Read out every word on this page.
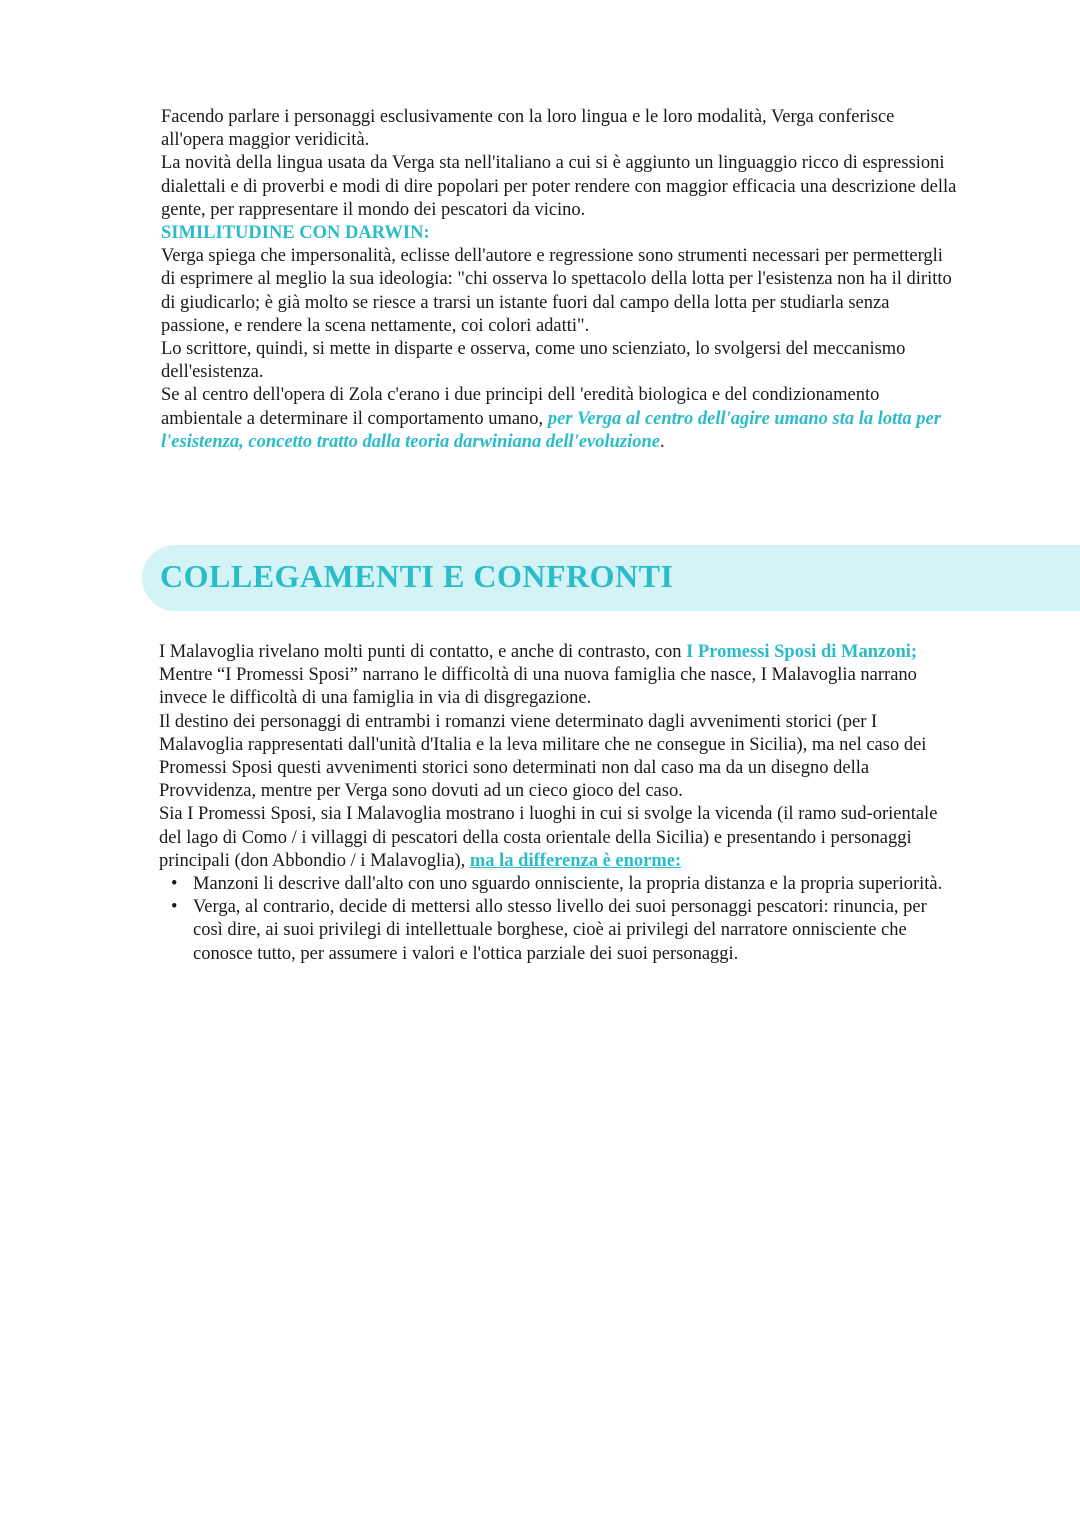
Facendo parlare i personaggi esclusivamente con la loro lingua e le loro modalità, Verga conferisce all'opera maggior veridicità.

La novità della lingua usata da Verga sta nell'italiano a cui si è aggiunto un linguaggio ricco di espressioni dialettali e di proverbi e modi di dire popolari per poter rendere con maggior efficacia una descrizione della gente, per rappresentare il mondo dei pescatori da vicino.

SIMILITUDINE CON DARWIN:

Verga spiega che impersonalità, eclisse dell'autore e regressione sono strumenti necessari per permettergli di esprimere al meglio la sua ideologia: "chi osserva lo spettacolo della lotta per l'esistenza non ha il diritto di giudicarlo; è già molto se riesce a trarsi un istante fuori dal campo della lotta per studiarla senza passione, e rendere la scena nettamente, coi colori adatti".

Lo scrittore, quindi, si mette in disparte e osserva, come uno scienziato, lo svolgersi del meccanismo dell'esistenza.

Se al centro dell'opera di Zola c'erano i due principi dell 'eredità biologica e del condizionamento ambientale a determinare il comportamento umano, per Verga al centro dell'agire umano sta la lotta per l'esistenza, concetto tratto dalla teoria darwiniana dell'evoluzione.

COLLEGAMENTI E CONFRONTI

I Malavoglia rivelano molti punti di contatto, e anche di contrasto, con I Promessi Sposi di Manzoni;

Mentre “I Promessi Sposi” narrano le difficoltà di una nuova famiglia che nasce, I Malavoglia narrano invece le difficoltà di una famiglia in via di disgregazione.

Il destino dei personaggi di entrambi i romanzi viene determinato dagli avvenimenti storici (per I Malavoglia rappresentati dall'unità d'Italia e la leva militare che ne consegue in Sicilia), ma nel caso dei Promessi Sposi questi avvenimenti storici sono determinati non dal caso ma da un disegno della Provvidenza, mentre per Verga sono dovuti ad un cieco gioco del caso.

Sia I Promessi Sposi, sia I Malavoglia mostrano i luoghi in cui si svolge la vicenda (il ramo sud-orientale del lago di Como / i villaggi di pescatori della costa orientale della Sicilia) e presentando i personaggi principali (don Abbondio / i Malavoglia), ma la differenza è enorme:

• Manzoni li descrive dall'alto con uno sguardo onnisciente, la propria distanza e la propria superiorità.
• Verga, al contrario, decide di mettersi allo stesso livello dei suoi personaggi pescatori: rinuncia, per così dire, ai suoi privilegi di intellettuale borghese, cioè ai privilegi del narratore onnisciente che conosce tutto, per assumere i valori e l'ottica parziale dei suoi personaggi.
